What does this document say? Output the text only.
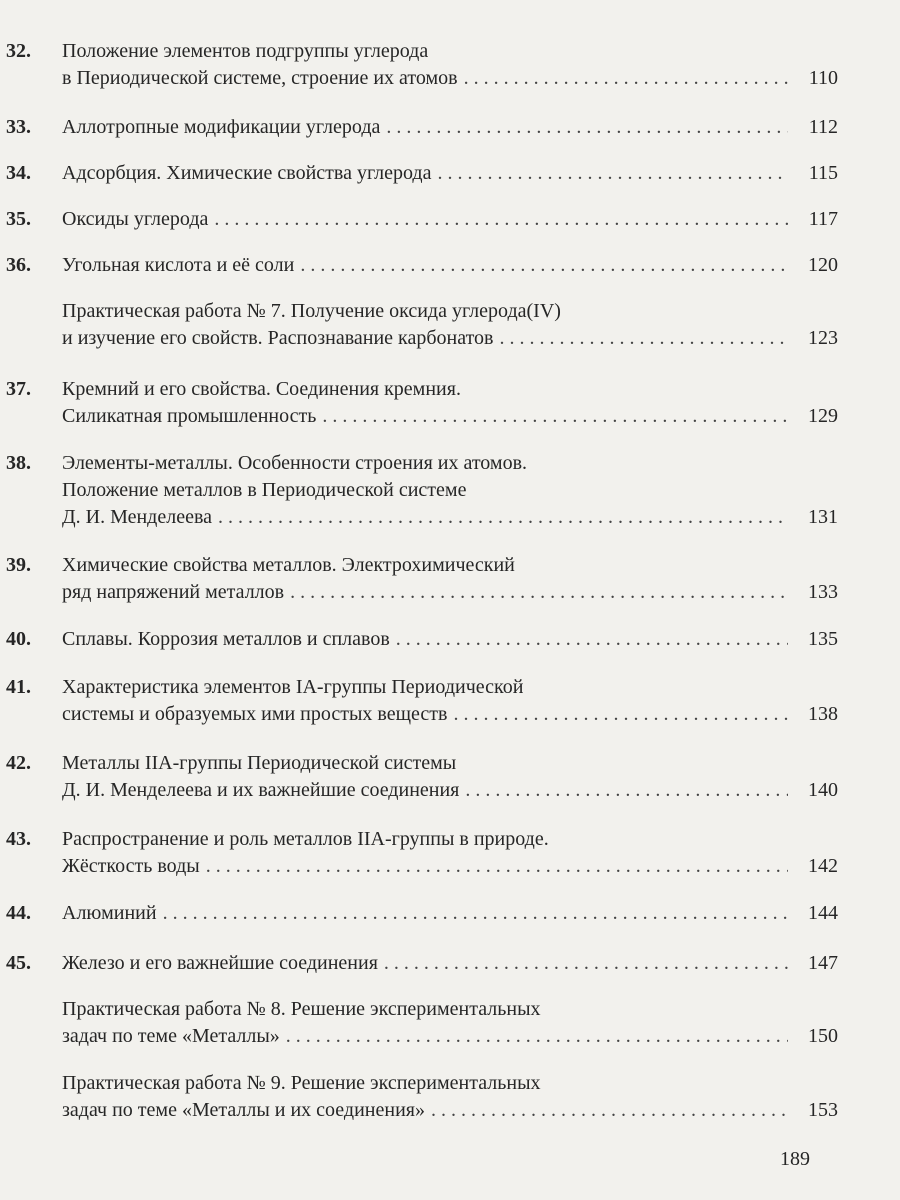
32. Положение элементов подгруппы углерода
в Периодической системе, строение их атомов . . .	110
33. Аллотропные модификации углерода . . .	112
34. Адсорбция. Химические свойства углерода . . .	115
35. Оксиды углерода . . .	117
36. Угольная кислота и её соли . . .	120
Практическая работа № 7. Получение оксида углерода(IV)
и изучение его свойств. Распознавание карбонатов . . .	123
37. Кремний и его свойства. Соединения кремния.
Силикатная промышленность . . .	129
38. Элементы-металлы. Особенности строения их атомов.
Положение металлов в Периодической системе
Д. И. Менделеева . . .	131
39. Химические свойства металлов. Электрохимический
ряд напряжений металлов . . .	133
40. Сплавы. Коррозия металлов и сплавов . . .	135
41. Характеристика элементов IA-группы Периодической
системы и образуемых ими простых веществ . . .	138
42. Металлы IIA-группы Периодической системы
Д. И. Менделеева и их важнейшие соединения . . .	140
43. Распространение и роль металлов IIA-группы в природе.
Жёсткость воды . . .	142
44. Алюминий . . .	144
45. Железо и его важнейшие соединения . . .	147
Практическая работа № 8. Решение экспериментальных
задач по теме «Металлы» . . .	150
Практическая работа № 9. Решение экспериментальных
задач по теме «Металлы и их соединения» . . .	153
189
